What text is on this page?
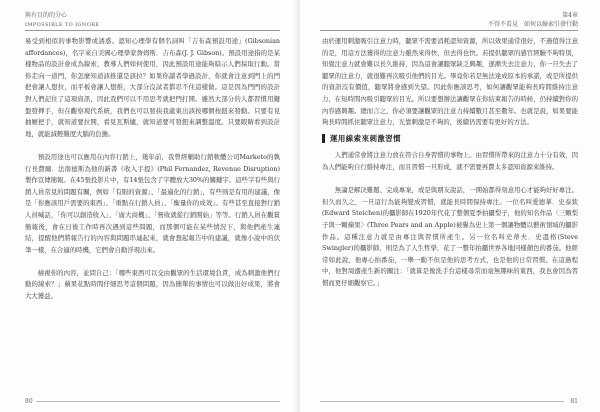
與有目的的分心
IMPOSSIBLE TO IGNORE

易受到相似的事物影響或誘惑。認知心理學有個名詞叫「吉布森預設用途」(Gibsonian affordances)，名字來自美國心理學家詹姆斯．吉布森(J. J. Gibson)。預設用途指的是某樣物品的設計會成為線索，教導人們如何使用，因此預設用途能夠暗示人們採取行動。當你走向一道門，你怎麼知道該推還是該拉？如果你讀者學過設計，你就會注意到門上的門把會讓人想拉，而平板會讓人想推，大部分沒試者都忍不住這樣做。這是因為門門的設計對人們記住了這項資訊，因此我們可以不用思考就把門打開。雖然大部分的人都習慣用鍵盤發揮手，但在觀察現代系統，我們也可以發抉我處東出該按哪個按鈕來發動。只要有見抽屜把手，就知道要拉開，看見瓦斯爐，就知道要可發鈕來調整溫度。只要眼睛看到設計地，就能減輕難度大腦的負擔。

預設用途也可以應用在內容行銷上，幾年前，我曾經輔助行銷軟體公司Marketo的執行長費爾．法南德斯為他的新書《收入手提》(Phil Fernandez, Revenue Disruption)製作宣傳簡報。在45張投影片中，有14張包含了字體放大30%的關鍵字。這些字有些與行銷人員常見的問題有關，例如「有限的資源」、「最適化的行銷」，有些則是有用的建議，像是「你應該用戶需要的東西」、「重點在行銷人員」、「衡量你的成效」。有些甚至直接對行銷人員喊話，「你可以創造收入」、「廣大商機」、「營收就從行銷開始」等等。行銷人員在觀賞簡報後，會在日後工作時再次遇到這些問題，而那個可能在某些情況下，與他們產生連結，提醒他們將報告行的內容與問題串連起來，就會想起報告中的建議，就像小說中的伏筆一樣，在合適的時機，它們會自動浮現出來。

檢視你的內容，並問自己：「哪些東西可以交由觀眾的生活環境負責，成為刺激他們行動的線索？」蘋果花點時間仔細思考這個問題，因為簡單的事情也可以做出好成果，將會大大獲益。

80
第4章
不得不看見　如何以線索引發行動

由於運用刺激吸引注意力時，聽眾不需要消耗認知資源，所以效果通常很好，不過值得注意的是，用這方法獲得的注意力雖然來得快，但去得也快。若提供聽眾的感官經驗不夠特別，知覺注意力就會難以長久維持，因為這會讓聽眾缺乏興趣，逐漸失去注意力，你一旦失去了聽眾的注意力，就很難再次吸引他們的目光。畢竟你若是無法達成原本的承諾，或是所提供的資訊沒有價值，聽眾將會感到失望。因此你應該思考，如何讓觀眾能夠長時間維持注意力，在短時間內吸引聽眾的目光。所以要想辦法讓觀眾在你結束報告的時候，仍持續對你的內容感興趣。總而言之，你必須要讓觀眾的注意力持續數月甚至數年。也就是說，如果要能夠長時間抓住聽眾注意力，光靠刺激是不夠的，後續仍需要有更好的方法。

運用線索來刺激習慣

人們通常會將注意力放在符合自身習慣的事物上。由習慣所帶來的注意力十分有效，因為人們能夠自行維持專注，而且習慣一旦形成，就不需要再費太多認知資源來維持。

無論是解決難題、完成專案，或是與朋友說話，一開始都得刻意用心才能夠好好專注。但久而久之，一旦這行為能夠變成習慣，就能長時間保持專注。一位名叫愛德華．史泰欽(Edward Steichen)的攝影師在1920年代花了整個夏季拍攝梨子，他的知名作品〈三顆梨子與一顆蘋果〉(Three Pears and an Apple)被譽為史上第一個讓物體以藝術領域的攝影作品。這種注意力就是由專注與習慣所產生。另一位名叫史蒂夫．史溫格(Steve Swingler)的攝影師，則是為了人生哲學，花了一整年拍攝世界各地同樣顏色的番茄。他經常如此說，他專心拍番茄，一舉一動不但是他的思考方式，也是他的日常習慣。在這過程中，他對周遭產生新的關注：「就算是像洗手台這樣尋常而毫無趣味的東西，我也會因為習慣而更仔細觀察它。」

81
